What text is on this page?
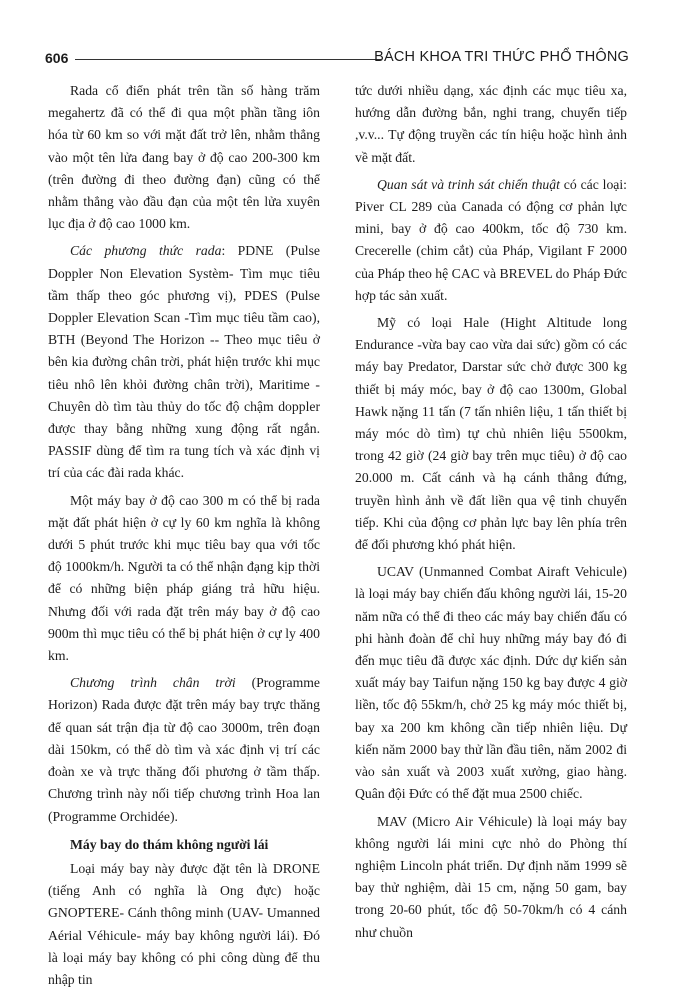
606	BÁCH KHOA TRI THỨC PHỔ THÔNG

Rada cổ điển phát trên tần số hàng trăm megahertz đã có thể đi qua một phần tầng iôn hóa từ 60 km so với mặt đất trở lên, nhằm thẳng vào một tên lửa đang bay ở độ cao 200-300 km (trên đường đi theo đường đạn) cũng có thể nhằm thẳng vào đầu đạn của một tên lửa xuyên lục địa ở độ cao 1000 km.

Các phương thức rada: PDNE (Pulse Doppler Non Elevation Systèm- Tìm mục tiêu tầm thấp theo góc phương vị), PDES (Pulse Doppler Elevation Scan -Tìm mục tiêu tầm cao), BTH (Beyond The Horizon -- Theo mục tiêu ở bên kia đường chân trời, phát hiện trước khi mục tiêu nhô lên khỏi đường chân trời), Maritime - Chuyên dò tìm tàu thủy do tốc độ chậm doppler được thay bằng những xung động rất ngắn. PASSIF dùng để tìm ra tung tích và xác định vị trí của các đài rada khác.

Một máy bay ở độ cao 300 m có thể bị rada mặt đất phát hiện ở cự ly 60 km nghĩa là không dưới 5 phút trước khi mục tiêu bay qua với tốc độ 1000km/h. Người ta có thể nhận đạng kịp thời để có những biện pháp giáng trả hữu hiệu. Nhưng đối với rada đặt trên máy bay ở độ cao 900m thì mục tiêu có thể bị phát hiện ở cự ly 400 km.

Chương trình chân trời (Programme Horizon) Rada được đặt trên máy bay trực thăng để quan sát trận địa từ độ cao 3000m, trên đoạn dài 150km, có thể dò tìm và xác định vị trí các đoàn xe và trực thăng đối phương ở tầm thấp. Chương trình này nối tiếp chương trình Hoa lan (Programme Orchidée).

Máy bay do thám không người lái

Loại máy bay này được đặt tên là DRONE (tiếng Anh có nghĩa là Ong đực) hoặc GNOPTERE- Cánh thông minh (UAV- Umanned Aérial Véhicule- máy bay không người lái). Đó là loại máy bay không có phi công dùng để thu nhập tin

tức dưới nhiều dạng, xác định các mục tiêu xa, hướng dẫn đường bắn, nghi trang, chuyển tiếp ,v.v... Tự động truyền các tín hiệu hoặc hình ảnh về mặt đất.

Quan sát và trinh sát chiến thuật có các loại: Piver CL 289 của Canada có động cơ phản lực mini, bay ở độ cao 400km, tốc độ 730 km. Crecerelle (chim cắt) của Pháp, Vigilant F 2000 của Pháp theo hệ CAC và BREVEL do Pháp Đức hợp tác sản xuất.

Mỹ có loại Hale (Hight Altitude long Endurance -vừa bay cao vừa dai sức) gồm có các máy bay Predator, Darstar sức chở được 300 kg thiết bị máy móc, bay ở độ cao 1300m, Global Hawk nặng 11 tấn (7 tấn nhiên liệu, 1 tấn thiết bị máy móc dò tìm) tự chủ nhiên liệu 5500km, trong 42 giờ (24 giờ bay trên mục tiêu) ở độ cao 20.000 m. Cất cánh và hạ cánh thẳng đứng, truyền hình ảnh về đất liền qua vệ tinh chuyển tiếp. Khi của động cơ phản lực bay lên phía trên để đối phương khó phát hiện.

UCAV (Unmanned Combat Airaft Vehicule) là loại máy bay chiến đấu không người lái, 15-20 năm nữa có thể đi theo các máy bay chiến đấu có phi hành đoàn để chỉ huy những máy bay đó đi đến mục tiêu đã được xác định. Dức dự kiến sản xuất máy bay Taifun nặng 150 kg bay được 4 giờ liền, tốc độ 55km/h, chở 25 kg máy móc thiết bị, bay xa 200 km không cần tiếp nhiên liệu. Dự kiến năm 2000 bay thử lần đầu tiên, năm 2002 đi vào sản xuất và 2003 xuất xưởng, giao hàng. Quân đội Đức có thể đặt mua 2500 chiếc.

MAV (Micro Air Véhicule) là loại máy bay không người lái mini cực nhỏ do Phòng thí nghiệm Lincoln phát triển. Dự định năm 1999 sẽ bay thử nghiệm, dài 15 cm, nặng 50 gam, bay trong 20-60 phút, tốc độ 50-70km/h có 4 cánh như chuồn
